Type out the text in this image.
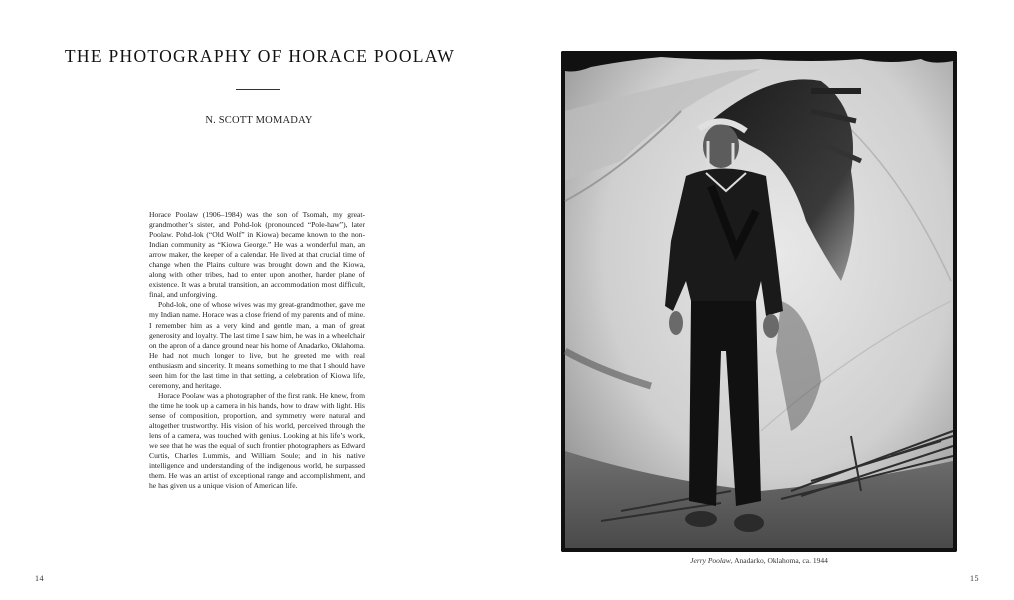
THE PHOTOGRAPHY OF HORACE POOLAW
N. SCOTT MOMADAY

Horace Poolaw (1906–1984) was the son of Tsomah, my great-grandmother’s sister, and Pohd-lok (pronounced “Pole-haw”), later Poolaw. Pohd-lok (“Old Wolf” in Kiowa) became known to the non-Indian community as “Kiowa George.” He was a wonderful man, an arrow maker, the keeper of a calendar. He lived at that crucial time of change when the Plains culture was brought down and the Kiowa, along with other tribes, had to enter upon another, harder plane of existence. It was a brutal transition, an accommodation most difficult, final, and unforgiving.

Pohd-lok, one of whose wives was my great-grandmother, gave me my Indian name. Horace was a close friend of my parents and of mine. I remember him as a very kind and gentle man, a man of great generosity and loyalty. The last time I saw him, he was in a wheelchair on the apron of a dance ground near his home of Anadarko, Oklahoma. He had not much longer to live, but he greeted me with real enthusiasm and sincerity. It means something to me that I should have seen him for the last time in that setting, a celebration of Kiowa life, ceremony, and heritage.

Horace Poolaw was a photographer of the first rank. He knew, from the time he took up a camera in his hands, how to draw with light. His sense of composition, proportion, and symmetry were natural and altogether trustworthy. His vision of his world, perceived through the lens of a camera, was touched with genius. Looking at his life’s work, we see that he was the equal of such frontier photographers as Edward Curtis, Charles Lummis, and William Soule; and in his native intelligence and understanding of the indigenous world, he surpassed them. He was an artist of exceptional range and accomplishment, and he has given us a unique vision of American life.

14
Jerry Poolaw, Anadarko, Oklahoma, ca. 1944
15
